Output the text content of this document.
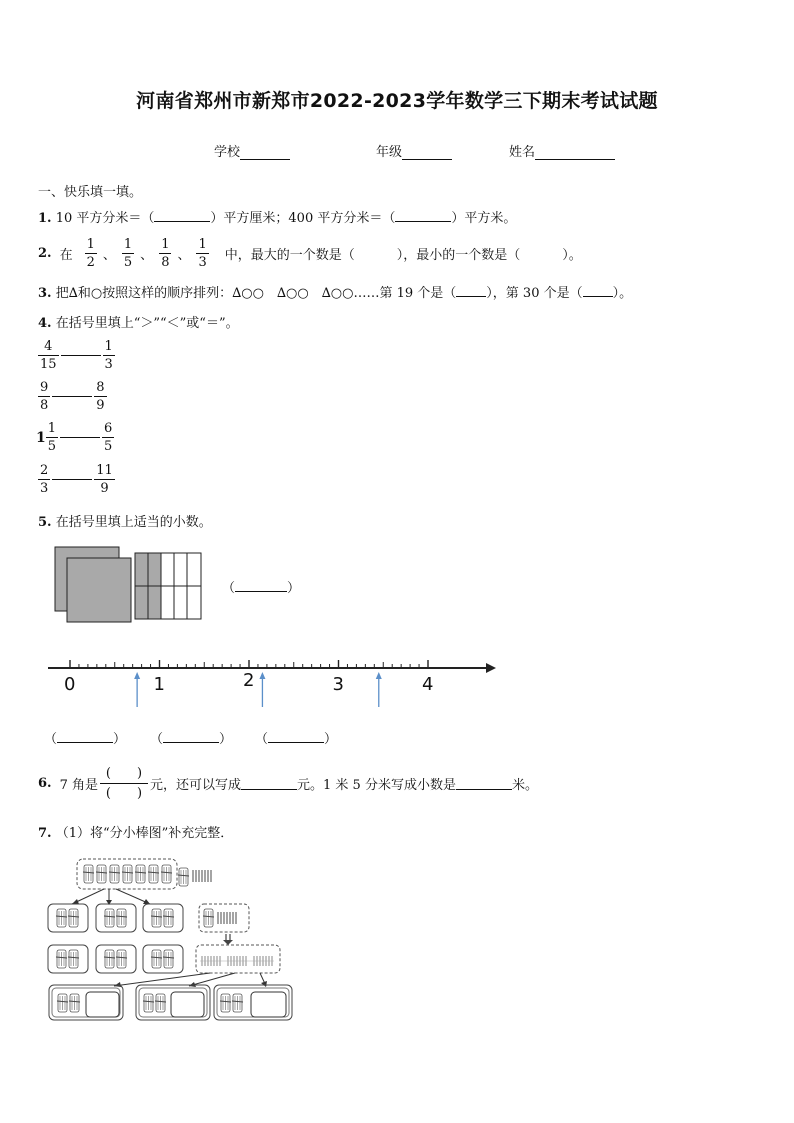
河南省郑州市新郑市2022-2023学年数学三下期末考试试题
学校	年级	姓名
一、快乐填一填。
1. 10 平方分米＝（	）平方厘米；400 平方分米＝（	）平方米。
2. 在 $\frac{1}{2}$ 、 $\frac{1}{5}$ 、 $\frac{1}{8}$ 、 $\frac{1}{3}$ 中，最大的一个数是（	），最小的一个数是（	）。
3. 把∆和○按照这样的顺序排列：∆○○　∆○○　∆○○……第 19 个是（ ），第 30 个是（ ）。
4. 在括号里填上“＞”“＜”或“＝”。
$\frac{4}{15}$	$\frac{1}{3}$
$\frac{9}{8}$	$\frac{8}{9}$
$1 \frac{1}{5}$	$\frac{6}{5}$
$\frac{2}{3}$	$\frac{11}{9}$
5. 在括号里填上适当的小数。
（	）
0	1	2	3	4
（	） （	） （	）
6. 7 角是
(  )
(  )
元，还可以写成	元。1 米 5 分米写成小数是	米。
7. （1）将“分小棒图”补充完整．
